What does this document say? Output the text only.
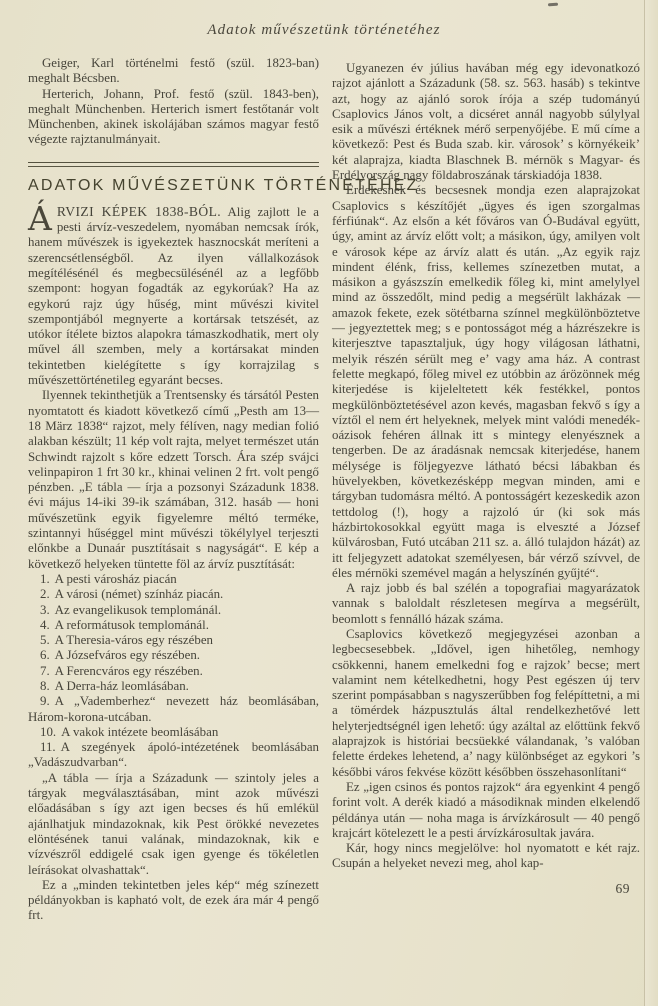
Adatok művészetünk történetéhez

Geiger, Karl történelmi festő (szül. 1823-ban) meghalt Bécsben.

Herterich, Johann, Prof. festő (szül. 1843-ben), meghalt Münchenben. Herterich ismert festőtanár volt Münchenben, akinek iskolájában számos magyar festő végezte rajztanulmányait.

ADATOK MŰVÉSZETÜNK TÖRTÉNETÉHEZ

ÁRVIZI KÉPEK 1838-BÓL. Alig zajlott le a pesti árvíz-veszedelem, nyomában nemcsak írók, hanem művészek is igyekeztek hasznocskát meríteni a szerencsétlenségből. Az ilyen vállalkozások megítélésénél és megbecsülésénél az a legfőbb szempont: hogyan fogadták az egykorúak? Ha az egykorú rajz úgy hűség, mint művészi kivitel szempontjából megnyerte a kortársak tetszését, az utókor ítélete biztos alapokra támaszkodhatik, mert oly művel áll szemben, mely a kortársakat minden tekintetben kielégítette s így korrajzilag s művészettörténetileg egyaránt becses.

Ilyennek tekinthetjük a Trentsensky és társától Pesten nyomtatott és kiadott következő című „Pesth am 13—18 März 1838“ rajzot, mely félíven, nagy median folió alakban készült; 11 kép volt rajta, melyet természet után Schwindt rajzolt s kőre edzett Torsch. Ára szép svájci velinpapiron 1 frt 30 kr., khinai velinen 2 frt. volt pengő pénzben. „E tábla — írja a pozsonyi Századunk 1838. évi május 14-iki 39-ik számában, 312. hasáb — honi művészetünk egyik figyelemre méltó terméke, szintannyi hűséggel mint művészi tökélylyel terjeszti előnkbe a Dunaár pusztításait s nagyságát“. E kép a következő helyeken tüntette föl az árvíz pusztítását:

1. A pesti városház piacán

2. A városi (német) színház piacán.

3. Az evangelikusok templománál.

4. A reformátusok templománál.

5. A Theresia-város egy részében

6. A Józsefváros egy részében.

7. A Ferencváros egy részében.

8. A Derra-ház leomlásában.

9. A „Vademberhez“ nevezett ház beomlásában, Három-korona-utcában.

10. A vakok intézete beomlásában

11. A szegények ápoló-intézetének beomlásában „Vadászudvarban“.

„A tábla — írja a Századunk — szintoly jeles a tárgyak megválasztásában, mint azok művészi előadásában s így azt igen becses és hű emlékül ajánlhatjuk mindazoknak, kik Pest örökké nevezetes elöntésének tanui valának, mindazoknak, kik e vízvészről eddigelé csak igen gyenge és tökéletlen leírásokat olvashattak“.

Ez a „minden tekintetben jeles kép“ még színezett példányokban is kapható volt, de ezek ára már 4 pengő frt.

Ugyanezen év július havában még egy idevonatkozó rajzot ajánlott a Századunk (58. sz. 563. hasáb) s tekintve azt, hogy az ajánló sorok írója a szép tudományú Csaplovics János volt, a dicséret annál nagyobb súlylyal esik a művészi értéknek mérő serpenyőjébe. E mű címe a következő: Pest és Buda szab. kir. városok’ s környékeik’ két alaprajza, kiadta Blaschnek B. mérnök s Magyar- és Erdélyország nagy földabroszának társkiadója 1838.

Érdekesnek és becsesnek mondja ezen alaprajzokat Csaplovics s készítőjét „ügyes és igen szorgalmas férfiúnak“. Az elsőn a két főváros van Ó-Budával együtt, úgy, amint az árvíz előtt volt; a másikon, úgy, amilyen volt e városok képe az árvíz alatt és után. „Az egyik rajz mindent élénk, friss, kellemes színezetben mutat, a másikon a gyászszín emelkedik főleg ki, mint amelylyel mind az összedőlt, mind pedig a megsérült lakházak — amazok fekete, ezek sötétbarna színnel megkülönböztetve — jegyeztettek meg; s e pontosságot még a házrészekre is kiterjesztve tapasztaljuk, úgy hogy világosan láthatni, melyik részén sérült meg e’ vagy ama ház. A contrast felette megkapó, főleg mivel ez utóbbin az árözönnek még kiterjedése is kijeleltetett kék festékkel, pontos megkülönböztetésével azon kevés, magasban fekvő s így a víztől el nem ért helyeknek, melyek mint valódi menedék-oázisok fehéren állnak itt s mintegy elenyésznek a tengerben. De az áradásnak nemcsak kiterjedése, hanem mélysége is följegyezve látható bécsi lábakban és hüvelyekben, következésképp megvan minden, ami e tárgyban tudomásra méltó. A pontosságért kezeskedik azon tettdolog (!), hogy a rajzoló úr (ki sok más házbirtokosokkal együtt maga is elveszté a József külvárosban, Futó utcában 211 sz. a. álló tulajdon házát) az itt feljegyzett adatokat személyesen, bár vérző szívvel, de éles mérnöki szemével magán a helyszínén gyűjté“.

A rajz jobb és bal szélén a topografiai magyarázatok vannak s baloldalt részletesen megírva a megsérült, beomlott s fennálló házak száma.

Csaplovics következő megjegyzései azonban a legbecsesebbek. „Idővel, igen hihetőleg, nemhogy csökkenni, hanem emelkedni fog e rajzok’ becse; mert valamint nem kételkedhetni, hogy Pest egészen új terv szerint pompásabban s nagyszerűbben fog felépíttetni, a mi a tömérdek házpusztulás által rendelkezhetővé lett helyterjedtségnél igen lehető: úgy azáltal az előttünk fekvő alaprajzok is históriai becsüekké válandanak, ’s valóban felette érdekes lehetend, a’ nagy különbséget az egykori ’s későbbi város fekvése között későbben összehasonlítani“

Ez „igen csinos és pontos rajzok“ ára egyenkint 4 pengő forint volt. A derék kiadó a másodiknak minden elkelendő példánya után — noha maga is árvízkárosult — 40 pengő krajcárt kötelezett le a pesti árvízkárosultak javára.

Kár, hogy nincs megjelölve: hol nyomatott e két rajz. Csupán a helyeket nevezi meg, ahol kap-

69
